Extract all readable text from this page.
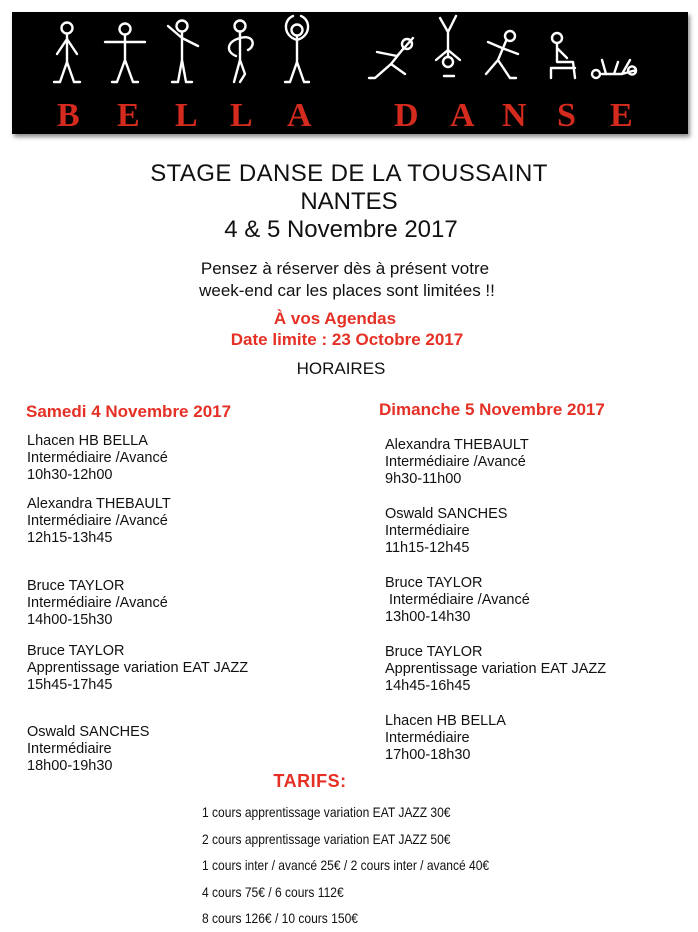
B E L L A D A N S E
STAGE DANSE DE LA TOUSSAINT
NANTES
4 & 5 Novembre 2017
Pensez à réserver dès à présent votre
week-end car les places sont limitées !!
À vos Agendas
Date limite : 23 Octobre 2017
HORAIRES
Samedi 4 Novembre 2017
Lhacen HB BELLA
Intermédiaire /Avancé
10h30-12h00
Alexandra THEBAULT
Intermédiaire /Avancé
12h15-13h45
Bruce TAYLOR
Intermédiaire /Avancé
14h00-15h30
Bruce TAYLOR
Apprentissage variation EAT JAZZ
15h45-17h45
Oswald SANCHES
Intermédiaire
18h00-19h30
Dimanche 5 Novembre 2017
Alexandra THEBAULT
Intermédiaire /Avancé
9h30-11h00
Oswald SANCHES
Intermédiaire
11h15-12h45
Bruce TAYLOR
Intermédiaire /Avancé
13h00-14h30
Bruce TAYLOR
Apprentissage variation EAT JAZZ
14h45-16h45
Lhacen HB BELLA
Intermédiaire
17h00-18h30
TARIFS:
1 cours apprentissage variation EAT JAZZ 30€
2 cours apprentissage variation EAT JAZZ 50€
1 cours inter / avancé 25€ / 2 cours inter / avancé 40€
4 cours 75€ / 6 cours 112€
8 cours 126€ / 10 cours 150€
